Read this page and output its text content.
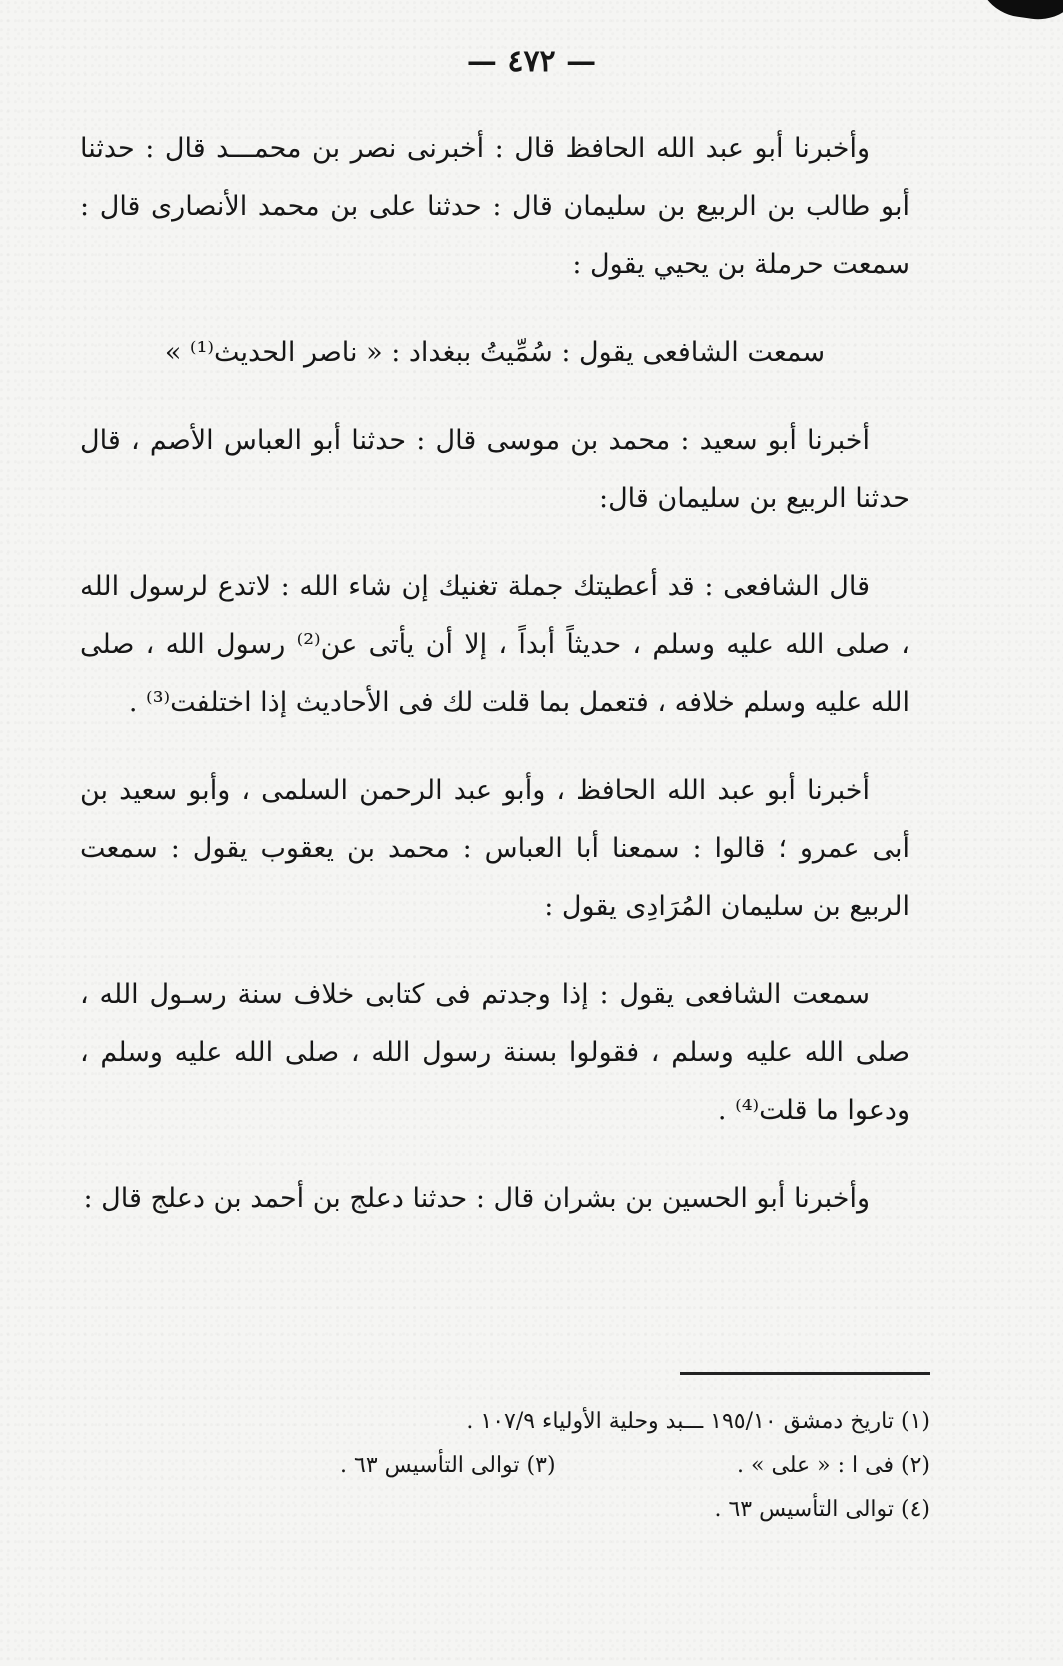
— ٤٧٢ —

وأخبرنا أبو عبد الله الحافظ قال : أخبرنى نصر بن محمـــد قال : حدثنا أبو طالب بن الربيع بن سليمان قال : حدثنا على بن محمد الأنصارى قال : سمعت حرملة بن يحيي يقول :

سمعت الشافعى يقول : سُمِّيتُ ببغداد : « ناصر الحديث⁽¹⁾ »

أخبرنا أبو سعيد : محمد بن موسى قال : حدثنا أبو العباس الأصم ، قال حدثنا الربيع بن سليمان قال:

قال الشافعى : قد أعطيتك جملة تغنيك إن شاء الله : لاتدع لرسول الله ، صلى الله عليه وسلم ، حديثاً أبداً ، إلا أن يأتى عن⁽²⁾ رسول الله ، صلى الله عليه وسلم خلافه ، فتعمل بما قلت لك فى الأحاديث إذا اختلفت⁽³⁾ .

أخبرنا أبو عبد الله الحافظ ، وأبو عبد الرحمن السلمى ، وأبو سعيد بن أبى عمرو ؛ قالوا : سمعنا أبا العباس : محمد بن يعقوب يقول : سمعت الربيع بن سليمان المُرَادِى يقول :

سمعت الشافعى يقول : إذا وجدتم فى كتابى خلاف سنة رسـول الله ، صلى الله عليه وسلم ، فقولوا بسنة رسول الله ، صلى الله عليه وسلم ، ودعوا ما قلت⁽⁴⁾ .

وأخبرنا أبو الحسين بن بشران قال : حدثنا دعلج بن أحمد بن دعلج قال :

(١) تاريخ دمشق ١٩٥/١٠ ـــبد وحلية الأولياء ١٠٧/٩ .
(٢) فى ا : « على » .
(٣) توالى التأسيس ٦٣ .
(٤) توالى التأسيس ٦٣ .
